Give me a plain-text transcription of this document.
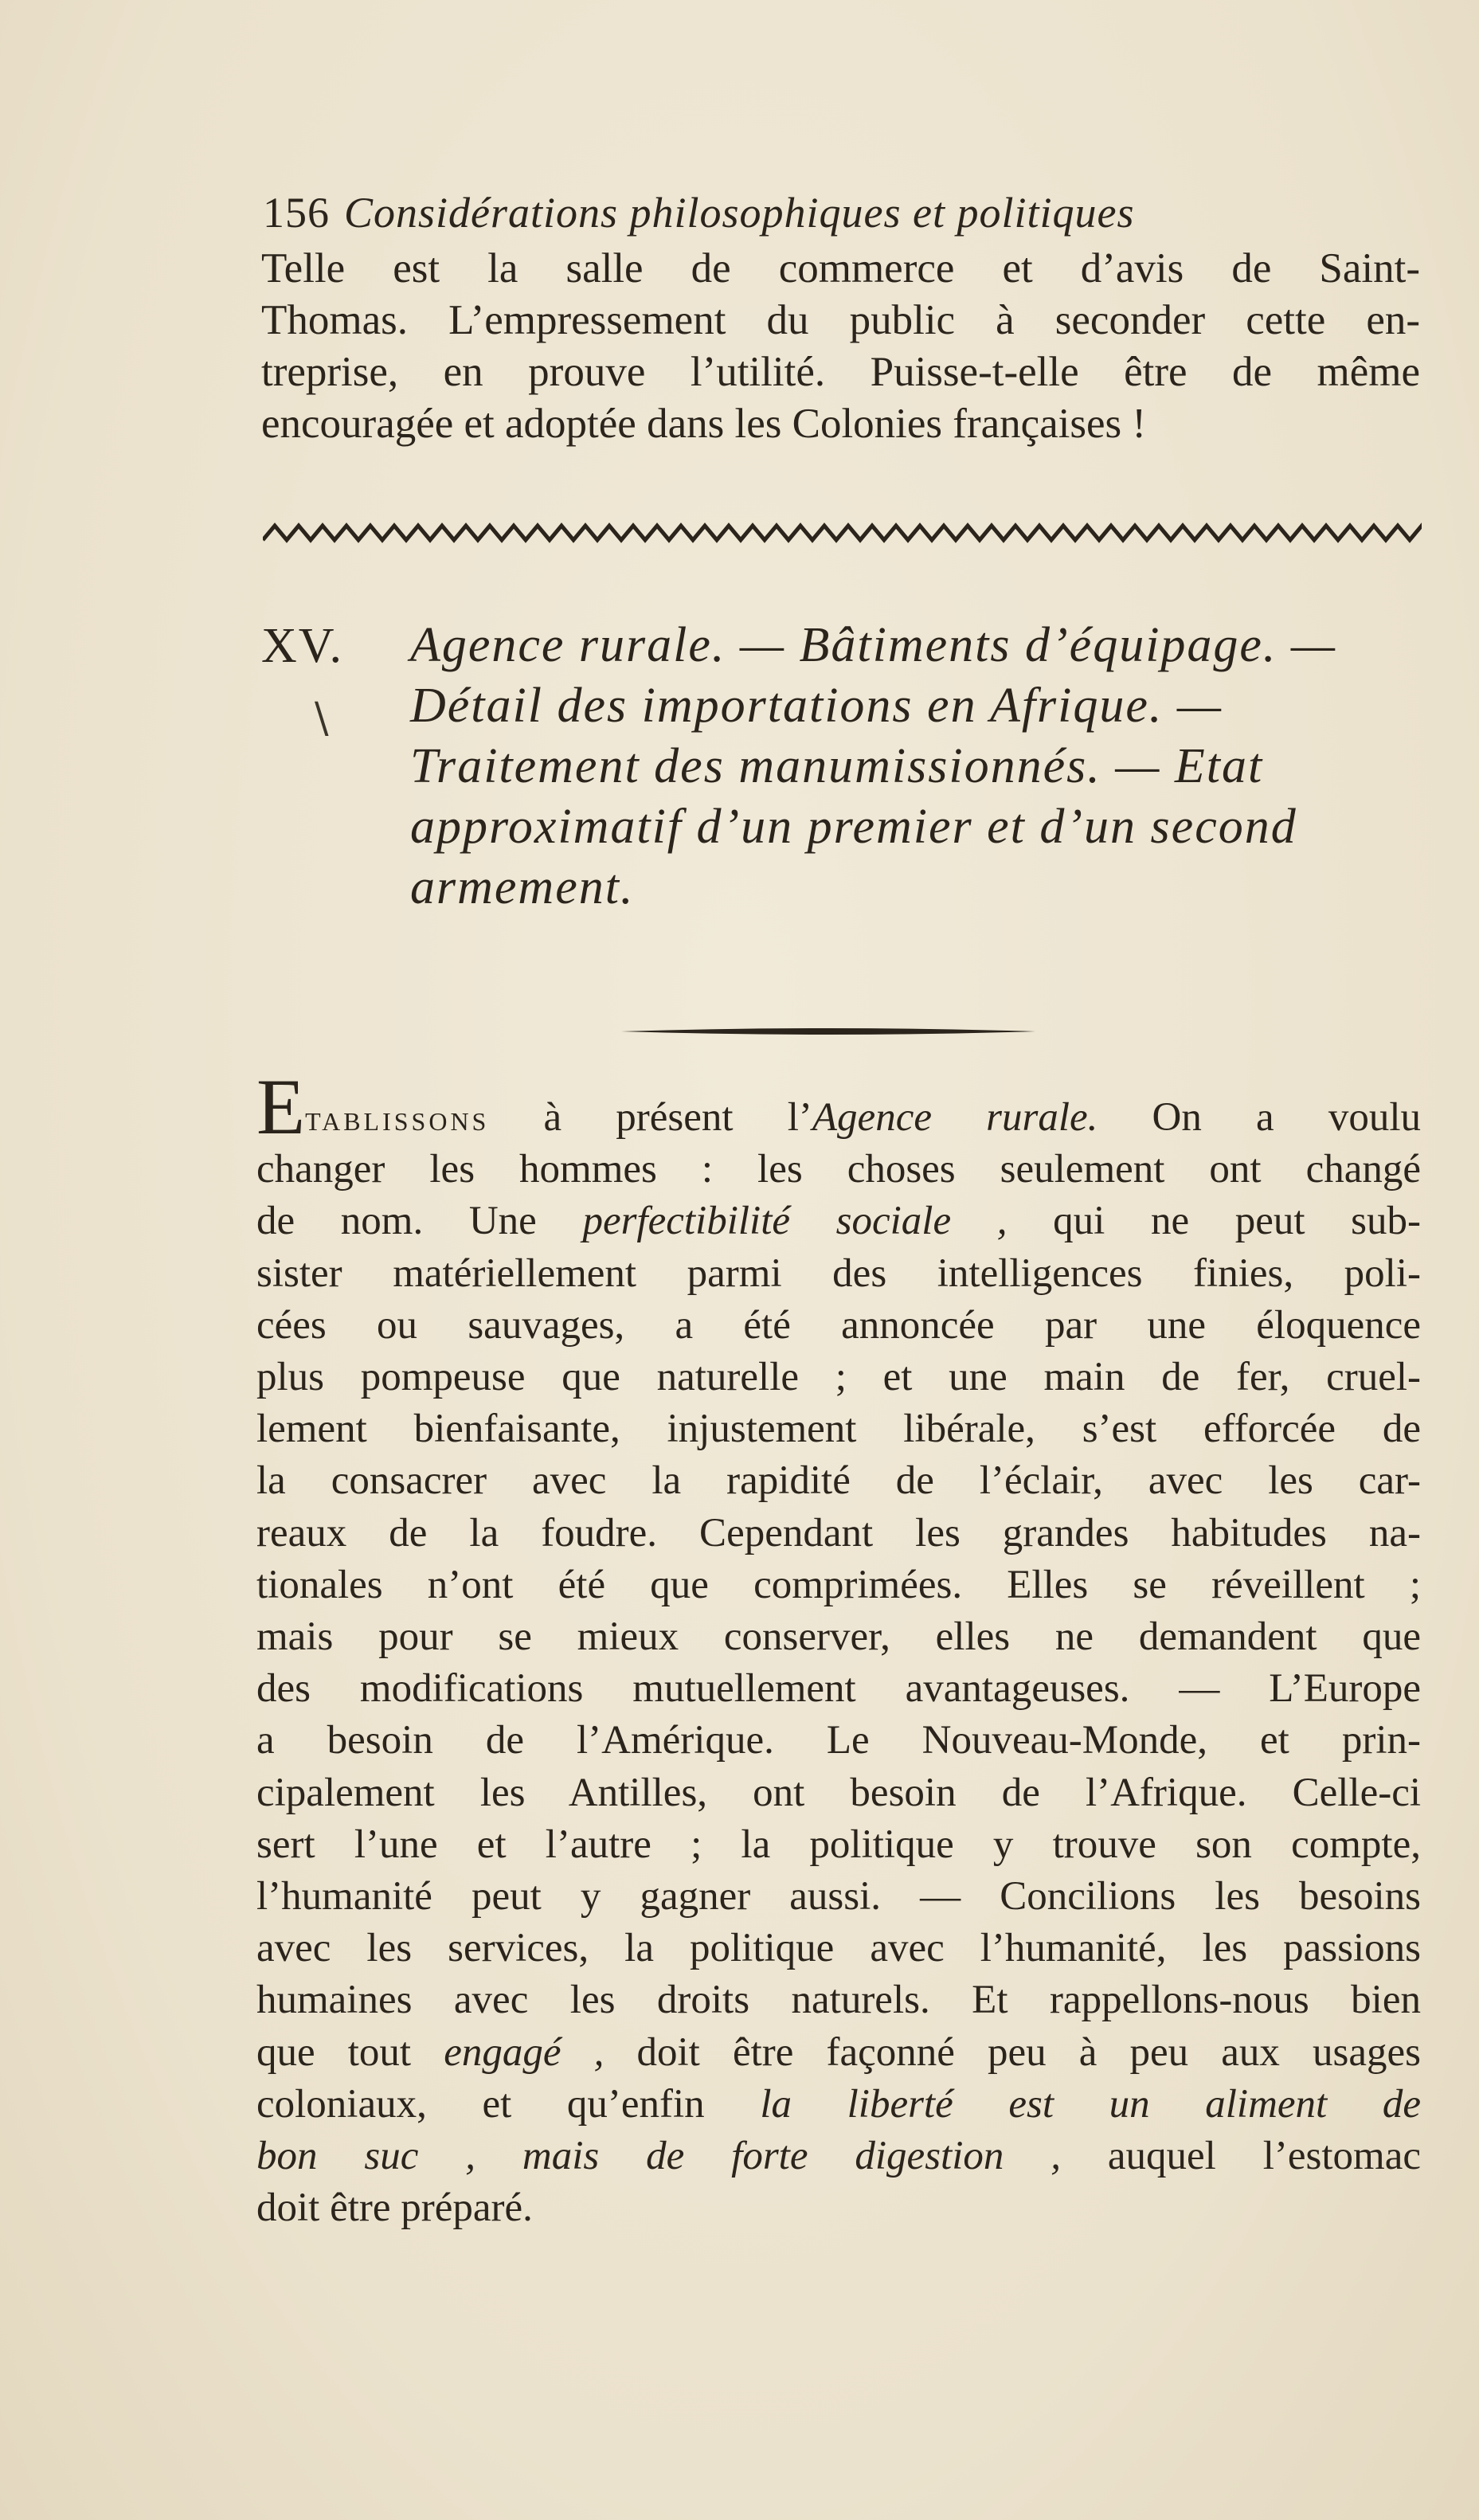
156 Considérations philosophiques et politiques
Telle est la salle de commerce et d’avis de Saint-
Thomas. L’empressement du public à seconder cette en-
treprise, en prouve l’utilité. Puisse-t-elle être de même
encouragée et adoptée dans les Colonies françaises !
XV.
\
Agence rurale. — Bâtiments d’équipage. —
Détail des importations en Afrique. —
Traitement des manumissionnés. — Etat
approximatif d’un premier et d’un second
armement.
Etablissons à présent l’Agence rurale. On a voulu
changer les hommes : les choses seulement ont changé
de nom. Une perfectibilité sociale , qui ne peut sub-
sister matériellement parmi des intelligences finies, poli-
cées ou sauvages, a été annoncée par une éloquence
plus pompeuse que naturelle ; et une main de fer, cruel-
lement bienfaisante, injustement libérale, s’est efforcée de
la consacrer avec la rapidité de l’éclair, avec les car-
reaux de la foudre. Cependant les grandes habitudes na-
tionales n’ont été que comprimées. Elles se réveillent ;
mais pour se mieux conserver, elles ne demandent que
des modifications mutuellement avantageuses. — L’Europe
a besoin de l’Amérique. Le Nouveau-Monde, et prin-
cipalement les Antilles, ont besoin de l’Afrique. Celle-ci
sert l’une et l’autre ; la politique y trouve son compte,
l’humanité peut y gagner aussi. — Concilions les besoins
avec les services, la politique avec l’humanité, les passions
humaines avec les droits naturels. Et rappellons-nous bien
que tout engagé , doit être façonné peu à peu aux usages
coloniaux, et qu’enfin la liberté est un aliment de
bon suc , mais de forte digestion , auquel l’estomac
doit être préparé.
